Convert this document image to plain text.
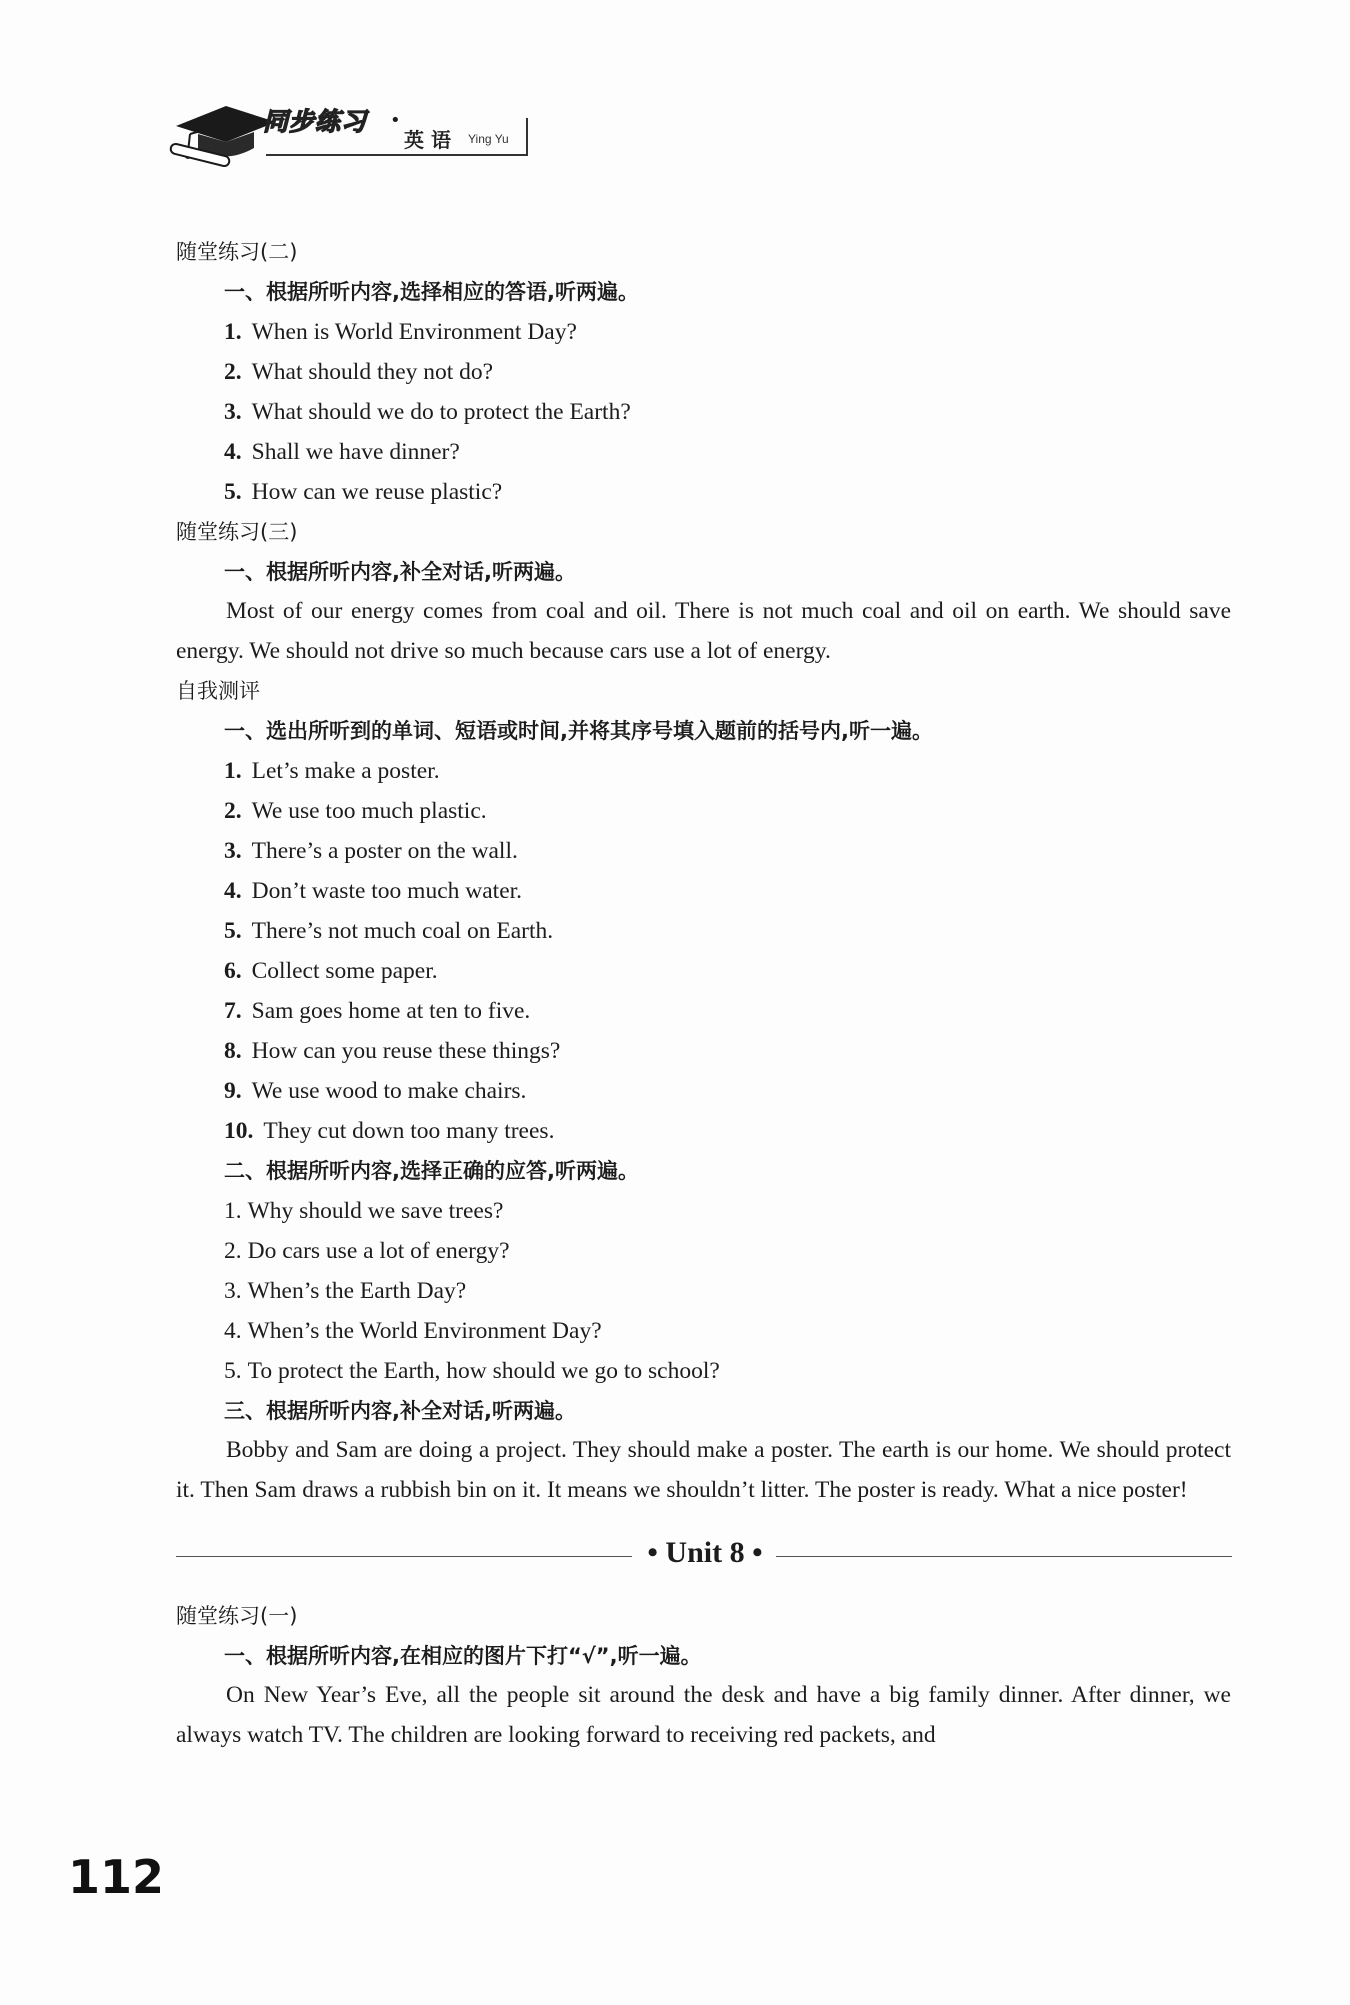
同步练习 •
英 语 Ying Yu
随堂练习(二)
一、根据所听内容,选择相应的答语,听两遍。
1. When is World Environment Day?
2. What should they not do?
3. What should we do to protect the Earth?
4. Shall we have dinner?
5. How can we reuse plastic?
随堂练习(三)
一、根据所听内容,补全对话,听两遍。

Most of our energy comes from coal and oil. There is not much coal and oil on earth. We should save energy. We should not drive so much because cars use a lot of energy.

自我测评
一、选出所听到的单词、短语或时间,并将其序号填入题前的括号内,听一遍。
1. Let’s make a poster.
2. We use too much plastic.
3. There’s a poster on the wall.
4. Don’t waste too much water.
5. There’s not much coal on Earth.
6. Collect some paper.
7. Sam goes home at ten to five.
8. How can you reuse these things?
9. We use wood to make chairs.
10. They cut down too many trees.
二、根据所听内容,选择正确的应答,听两遍。
1. Why should we save trees?
2. Do cars use a lot of energy?
3. When’s the Earth Day?
4. When’s the World Environment Day?
5. To protect the Earth, how should we go to school?
三、根据所听内容,补全对话,听两遍。

Bobby and Sam are doing a project. They should make a poster. The earth is our home. We should protect it. Then Sam draws a rubbish bin on it. It means we shouldn’t litter. The poster is ready. What a nice poster!

• Unit 8 •
随堂练习(一)
一、根据所听内容,在相应的图片下打“√”,听一遍。

On New Year’s Eve, all the people sit around the desk and have a big family dinner. After dinner, we always watch TV. The children are looking forward to receiving red packets, and

112
